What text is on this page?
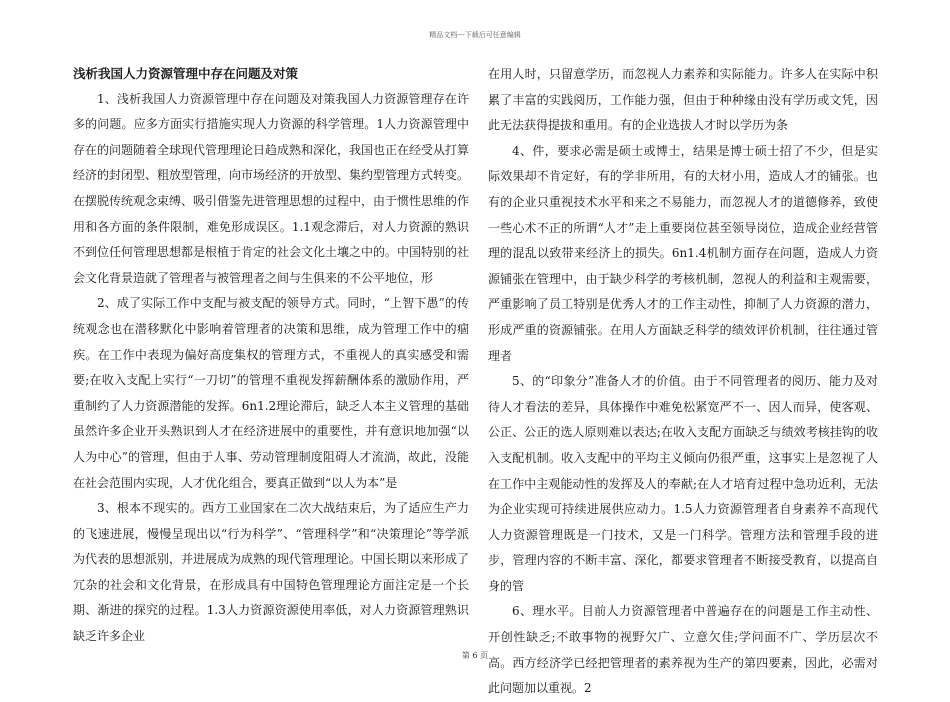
精品文档---下载后可任意编辑

浅析我国人力资源管理中存在问题及对策

1、浅析我国人力资源管理中存在问题及对策我国人力资源管理存在许多的问题。应多方面实行措施实现人力资源的科学管理。1人力资源管理中存在的问题随着全球现代管理理论日趋成熟和深化，我国也正在经受从打算经济的封闭型、粗放型管理，向市场经济的开放型、集约型管理方式转变。在摆脱传统观念束缚、吸引借鉴先进管理思想的过程中，由于惯性思维的作用和各方面的条件限制，难免形成误区。1.1观念滞后，对人力资源的熟识不到位任何管理思想都是根植于肯定的社会文化土壤之中的。中国特别的社会文化背景造就了管理者与被管理者之间与生俱来的不公平地位，形

2、成了实际工作中支配与被支配的领导方式。同时，“上智下愚”的传统观念也在潜移默化中影响着管理者的决策和思维，成为管理工作中的痼疾。在工作中表现为偏好高度集权的管理方式，不重视人的真实感受和需要;在收入支配上实行“一刀切”的管理不重视发挥薪酬体系的激励作用，严重制约了人力资源潜能的发挥。6n1.2理论滞后，缺乏人本主义管理的基础虽然许多企业开头熟识到人才在经济进展中的重要性，并有意识地加强“以人为中心”的管理，但由于人事、劳动管理制度阻碍人才流淌，故此，没能在社会范围内实现，人才优化组合，要真正做到“以人为本”是

3、根本不现实的。西方工业国家在二次大战结束后，为了适应生产力的飞速进展，慢慢呈现出以“行为科学”、“管理科学”和“决策理论”等学派为代表的思想派别，并进展成为成熟的现代管理理论。中国长期以来形成了冗杂的社会和文化背景，在形成具有中国特色管理理论方面注定是一个长期、渐进的探究的过程。1.3人力资源资源使用率低，对人力资源管理熟识缺乏许多企业

在用人时，只留意学历，而忽视人力素养和实际能力。许多人在实际中积累了丰富的实践阅历，工作能力强，但由于种种缘由没有学历或文凭，因此无法获得提拔和重用。有的企业选拔人才时以学历为条

4、件，要求必需是硕士或博士，结果是博士硕士招了不少，但是实际效果却不肯定好，有的学非所用，有的大材小用，造成人才的铺张。也有的企业只重视技术水平和来之不易能力，而忽视人才的道德修养，致使一些心术不正的所谓“人才”走上重要岗位甚至领导岗位，造成企业经营管理的混乱以致带来经济上的损失。6n1.4机制方面存在问题，造成人力资源铺张在管理中，由于缺少科学的考核机制，忽视人的利益和主观需要，严重影响了员工特别是优秀人才的工作主动性，抑制了人力资源的潜力，形成严重的资源铺张。在用人方面缺乏科学的绩效评价机制，往往通过管理者

5、的“印象分”准备人才的价值。由于不同管理者的阅历、能力及对待人才看法的差异，具体操作中难免松紧宽严不一、因人而异，使客观、公正、公正的选人原则难以表达;在收入支配方面缺乏与绩效考核挂钩的收入支配机制。收入支配中的平均主义倾向仍很严重，这事实上是忽视了人在工作中主观能动性的发挥及人的奉献;在人才培育过程中急功近利，无法为企业实现可持续进展供应动力。1.5人力资源管理者自身素养不高现代人力资源管理既是一门技术，又是一门科学。管理方法和管理手段的进步，管理内容的不断丰富、深化，都要求管理者不断接受教育，以提高自身的管

6、理水平。目前人力资源管理者中普遍存在的问题是工作主动性、开创性缺乏;不敢事物的视野欠广、立意欠佳;学问面不广、学历层次不高。西方经济学已经把管理者的素养视为生产的第四要素，因此，必需对此问题加以重视。2

第 6 页
